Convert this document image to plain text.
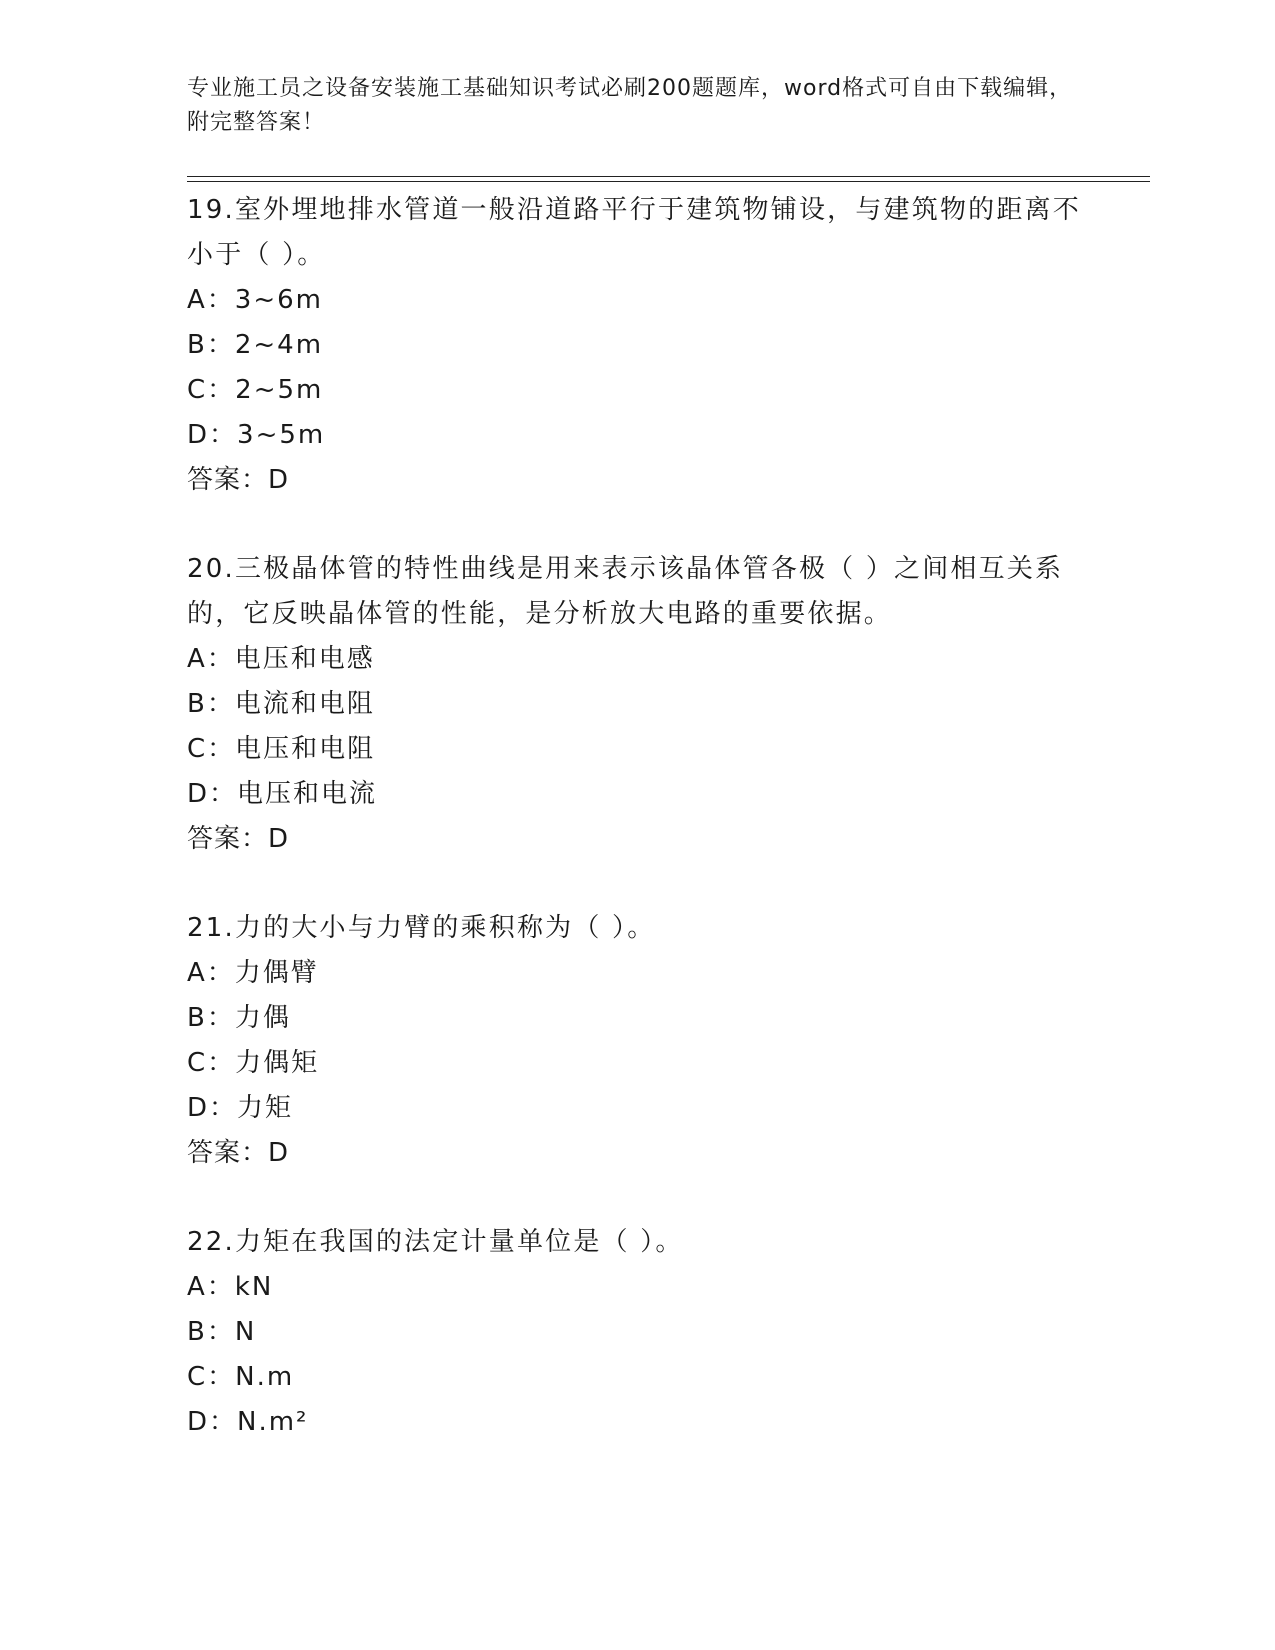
专业施工员之设备安装施工基础知识考试必刷200题题库，word格式可自由下载编辑，附完整答案！

19.室外埋地排水管道一般沿道路平行于建筑物铺设，与建筑物的距离不小于（ ）。

A：3~6m

B：2~4m

C：2~5m

D：3~5m

答案：D

20.三极晶体管的特性曲线是用来表示该晶体管各极（ ）之间相互关系的，它反映晶体管的性能，是分析放大电路的重要依据。

A：电压和电感

B：电流和电阻

C：电压和电阻

D：电压和电流

答案：D

21.力的大小与力臂的乘积称为（ ）。

A：力偶臂

B：力偶

C：力偶矩

D：力矩

答案：D

22.力矩在我国的法定计量单位是（ ）。

A：kN

B：N

C：N.m

D：N.m²
